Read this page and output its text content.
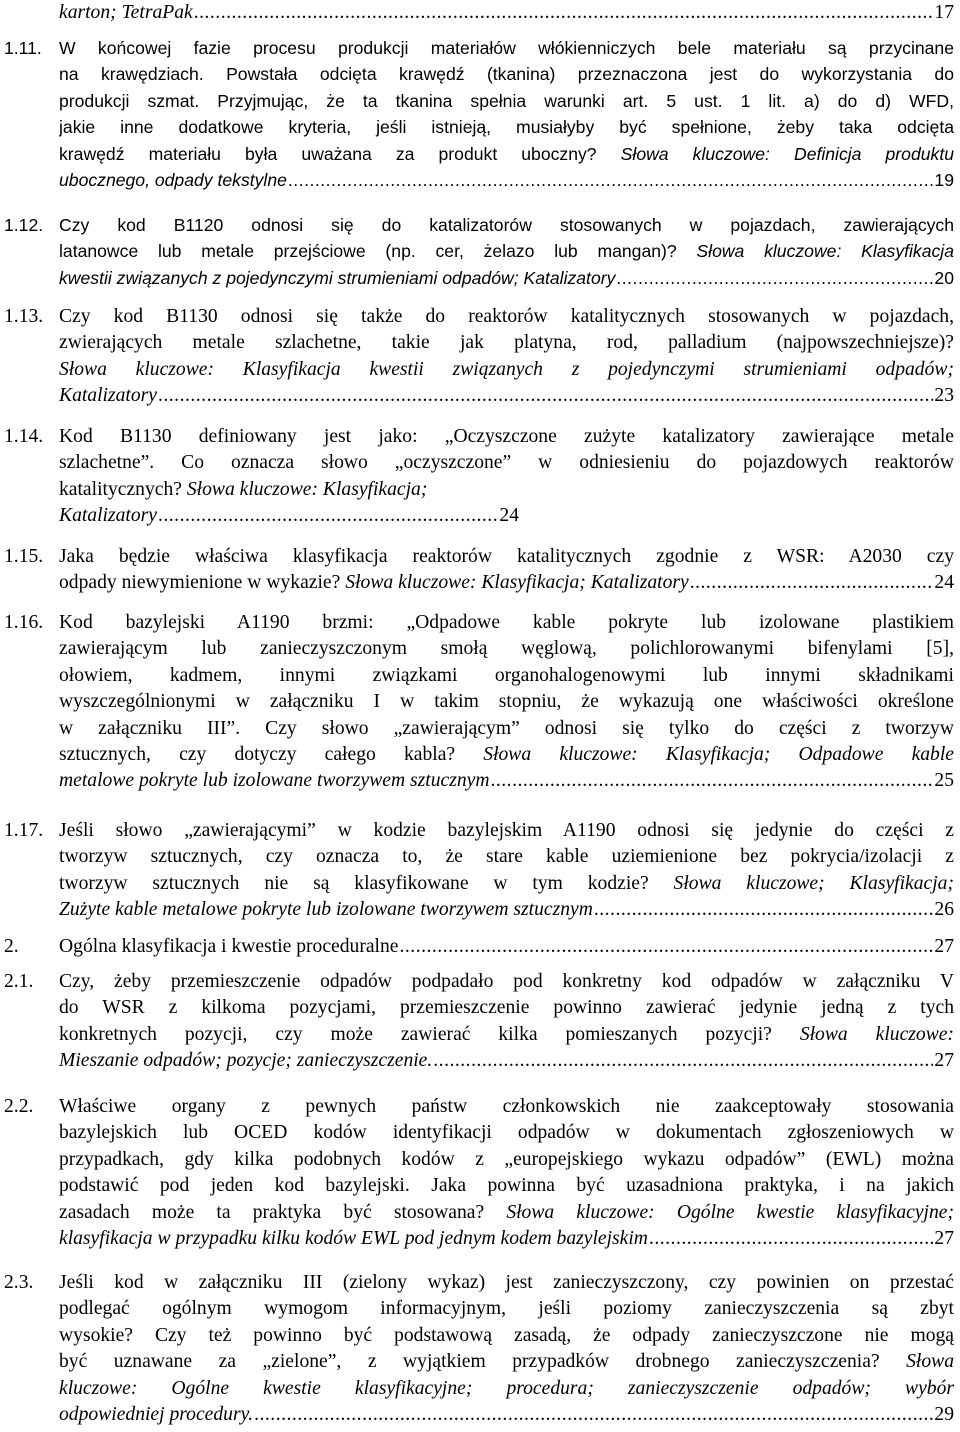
karton; TetraPak .....	17
1.11. W końcowej fazie procesu produkcji materiałów włókienniczych bele materiału są przycinane
na krawędziach. Powstała odcięta krawędź (tkanina) przeznaczona jest do wykorzystania do
produkcji szmat. Przyjmując, że ta tkanina spełnia warunki art. 5 ust. 1 lit. a) do d) WFD,
jakie inne dodatkowe kryteria, jeśli istnieją, musiałyby być spełnione, żeby taka odcięta
krawędź materiału była uważana za produkt uboczny? Słowa kluczowe: Definicja produktu
ubocznego, odpady tekstylne .....	19
1.12. Czy kod B1120 odnosi się do katalizatorów stosowanych w pojazdach, zawierających
latanowce lub metale przejściowe (np. cer, żelazo lub mangan)? Słowa kluczowe: Klasyfikacja
kwestii związanych z pojedynczymi strumieniami odpadów; Katalizatory .....	20
1.13. Czy kod B1130 odnosi się także do reaktorów katalitycznych stosowanych w pojazdach,
zwierających metale szlachetne, takie jak platyna, rod, palladium (najpowszechniejsze)?
Słowa kluczowe: Klasyfikacja kwestii związanych z pojedynczymi strumieniami odpadów;
Katalizatory .....	23
1.14. Kod B1130 definiowany jest jako: „Oczyszczone zużyte katalizatory zawierające metale
szlachetne”. Co oznacza słowo „oczyszczone” w odniesieniu do pojazdowych reaktorów
katalitycznych? Słowa kluczowe: Klasyfikacja;
Katalizatory .....	24
1.15. Jaka będzie właściwa klasyfikacja reaktorów katalitycznych zgodnie z WSR: A2030 czy
odpady niewymienione w wykazie? Słowa kluczowe: Klasyfikacja; Katalizatory .....	24
1.16. Kod bazylejski A1190 brzmi: „Odpadowe kable pokryte lub izolowane plastikiem
zawierającym lub zanieczyszczonym smołą węglową, polichlorowanymi bifenylami [5],
ołowiem, kadmem, innymi związkami organohalogenowymi lub innymi składnikami
wyszczególnionymi w załączniku I w takim stopniu, że wykazują one właściwości określone
w załączniku III”. Czy słowo „zawierającym” odnosi się tylko do części z tworzyw
sztucznych, czy dotyczy całego kabla? Słowa kluczowe: Klasyfikacja; Odpadowe kable
metalowe pokryte lub izolowane tworzywem sztucznym .....	25
1.17. Jeśli słowo „zawierającymi” w kodzie bazylejskim A1190 odnosi się jedynie do części z
tworzyw sztucznych, czy oznacza to, że stare kable uziemienione bez pokrycia/izolacji z
tworzyw sztucznych nie są klasyfikowane w tym kodzie? Słowa kluczowe; Klasyfikacja;
Zużyte kable metalowe pokryte lub izolowane tworzywem sztucznym .....	26
2. Ogólna klasyfikacja i kwestie proceduralne .....	27
2.1. Czy, żeby przemieszczenie odpadów podpadało pod konkretny kod odpadów w załączniku V
do WSR z kilkoma pozycjami, przemieszczenie powinno zawierać jedynie jedną z tych
konkretnych pozycji, czy może zawierać kilka pomieszanych pozycji? Słowa kluczowe:
Mieszanie odpadów; pozycje; zanieczyszczenie. .....	27
2.2. Właściwe organy z pewnych państw członkowskich nie zaakceptowały stosowania
bazylejskich lub OCED kodów identyfikacji odpadów w dokumentach zgłoszeniowych w
przypadkach, gdy kilka podobnych kodów z „europejskiego wykazu odpadów” (EWL) można
podstawić pod jeden kod bazylejski. Jaka powinna być uzasadniona praktyka, i na jakich
zasadach może ta praktyka być stosowana? Słowa kluczowe: Ogólne kwestie klasyfikacyjne;
klasyfikacja w przypadku kilku kodów EWL pod jednym kodem bazylejskim .....	27
2.3. Jeśli kod w załączniku III (zielony wykaz) jest zanieczyszczony, czy powinien on przestać
podlegać ogólnym wymogom informacyjnym, jeśli poziomy zanieczyszczenia są zbyt
wysokie? Czy też powinno być podstawową zasadą, że odpady zanieczyszczone nie mogą
być uznawane za „zielone”, z wyjątkiem przypadków drobnego zanieczyszczenia? Słowa
kluczowe: Ogólne kwestie klasyfikacyjne; procedura; zanieczyszczenie odpadów; wybór
odpowiedniej procedury. .....	29
